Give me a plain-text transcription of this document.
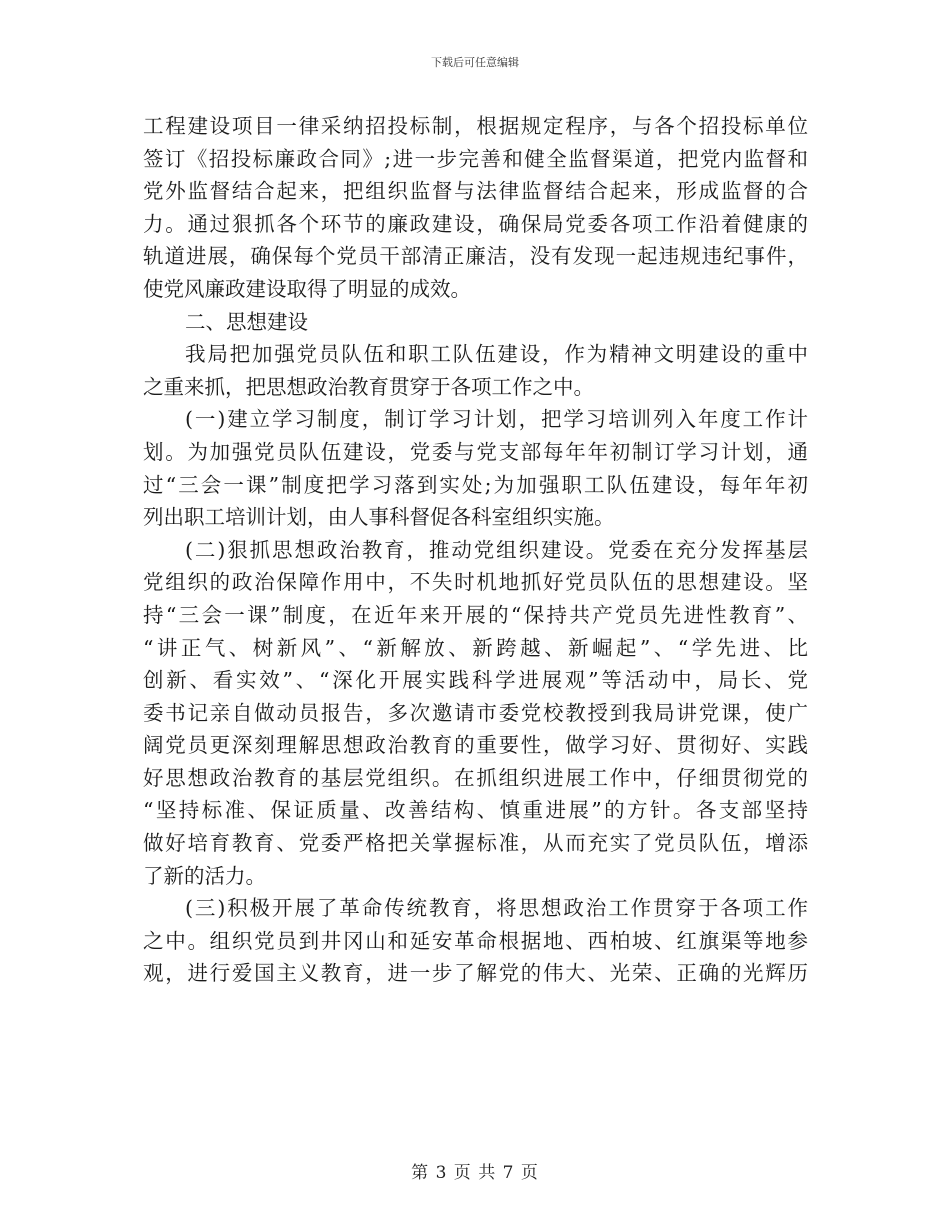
下载后可任意编辑
工程建设项目一律采纳招投标制，根据规定程序，与各个招投标单位
签订《招投标廉政合同》;进一步完善和健全监督渠道，把党内监督和
党外监督结合起来，把组织监督与法律监督结合起来，形成监督的合
力。通过狠抓各个环节的廉政建设，确保局党委各项工作沿着健康的
轨道进展，确保每个党员干部清正廉洁，没有发现一起违规违纪事件，
使党风廉政建设取得了明显的成效。
二、思想建设
我局把加强党员队伍和职工队伍建设，作为精神文明建设的重中
之重来抓，把思想政治教育贯穿于各项工作之中。
(一)建立学习制度，制订学习计划，把学习培训列入年度工作计
划。为加强党员队伍建设，党委与党支部每年年初制订学习计划，通
过“三会一课”制度把学习落到实处;为加强职工队伍建设，每年年初
列出职工培训计划，由人事科督促各科室组织实施。
(二)狠抓思想政治教育，推动党组织建设。党委在充分发挥基层
党组织的政治保障作用中，不失时机地抓好党员队伍的思想建设。坚
持“三会一课”制度，在近年来开展的“保持共产党员先进性教育”、
“讲正气、树新风”、“新解放、新跨越、新崛起”、“学先进、比
创新、看实效”、“深化开展实践科学进展观”等活动中，局长、党
委书记亲自做动员报告，多次邀请市委党校教授到我局讲党课，使广
阔党员更深刻理解思想政治教育的重要性，做学习好、贯彻好、实践
好思想政治教育的基层党组织。在抓组织进展工作中，仔细贯彻党的
“坚持标准、保证质量、改善结构、慎重进展”的方针。各支部坚持
做好培育教育、党委严格把关掌握标准，从而充实了党员队伍，增添
了新的活力。
(三)积极开展了革命传统教育，将思想政治工作贯穿于各项工作
之中。组织党员到井冈山和延安革命根据地、西柏坡、红旗渠等地参
观，进行爱国主义教育，进一步了解党的伟大、光荣、正确的光辉历
第 3 页 共 7 页
